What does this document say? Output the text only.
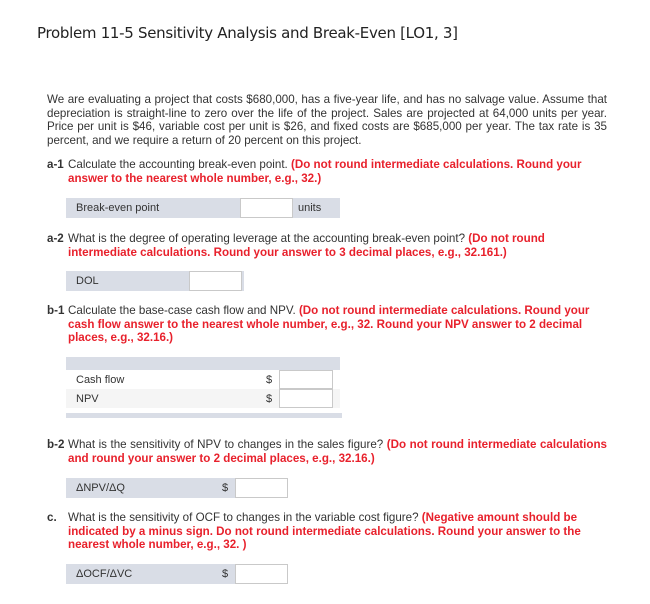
Problem 11-5 Sensitivity Analysis and Break-Even [LO1, 3]
We are evaluating a project that costs $680,000, has a five-year life, and has no salvage value. Assume that depreciation is straight-line to zero over the life of the project. Sales are projected at 64,000 units per year. Price per unit is $46, variable cost per unit is $26, and fixed costs are $685,000 per year. The tax rate is 35 percent, and we require a return of 20 percent on this project.
a-1 Calculate the accounting break-even point. (Do not round intermediate calculations. Round your answer to the nearest whole number, e.g., 32.)
Break-even point	units
a-2 What is the degree of operating leverage at the accounting break-even point? (Do not round intermediate calculations. Round your answer to 3 decimal places, e.g., 32.161.)
DOL
b-1 Calculate the base-case cash flow and NPV. (Do not round intermediate calculations. Round your cash flow answer to the nearest whole number, e.g., 32. Round your NPV answer to 2 decimal places, e.g., 32.16.)
Cash flow	$
NPV	$
b-2 What is the sensitivity of NPV to changes in the sales figure? (Do not round intermediate calculations and round your answer to 2 decimal places, e.g., 32.16.)
ΔNPV/ΔQ	$
c. What is the sensitivity of OCF to changes in the variable cost figure? (Negative amount should be indicated by a minus sign. Do not round intermediate calculations. Round your answer to the nearest whole number, e.g., 32. )
ΔOCF/ΔVC	$
